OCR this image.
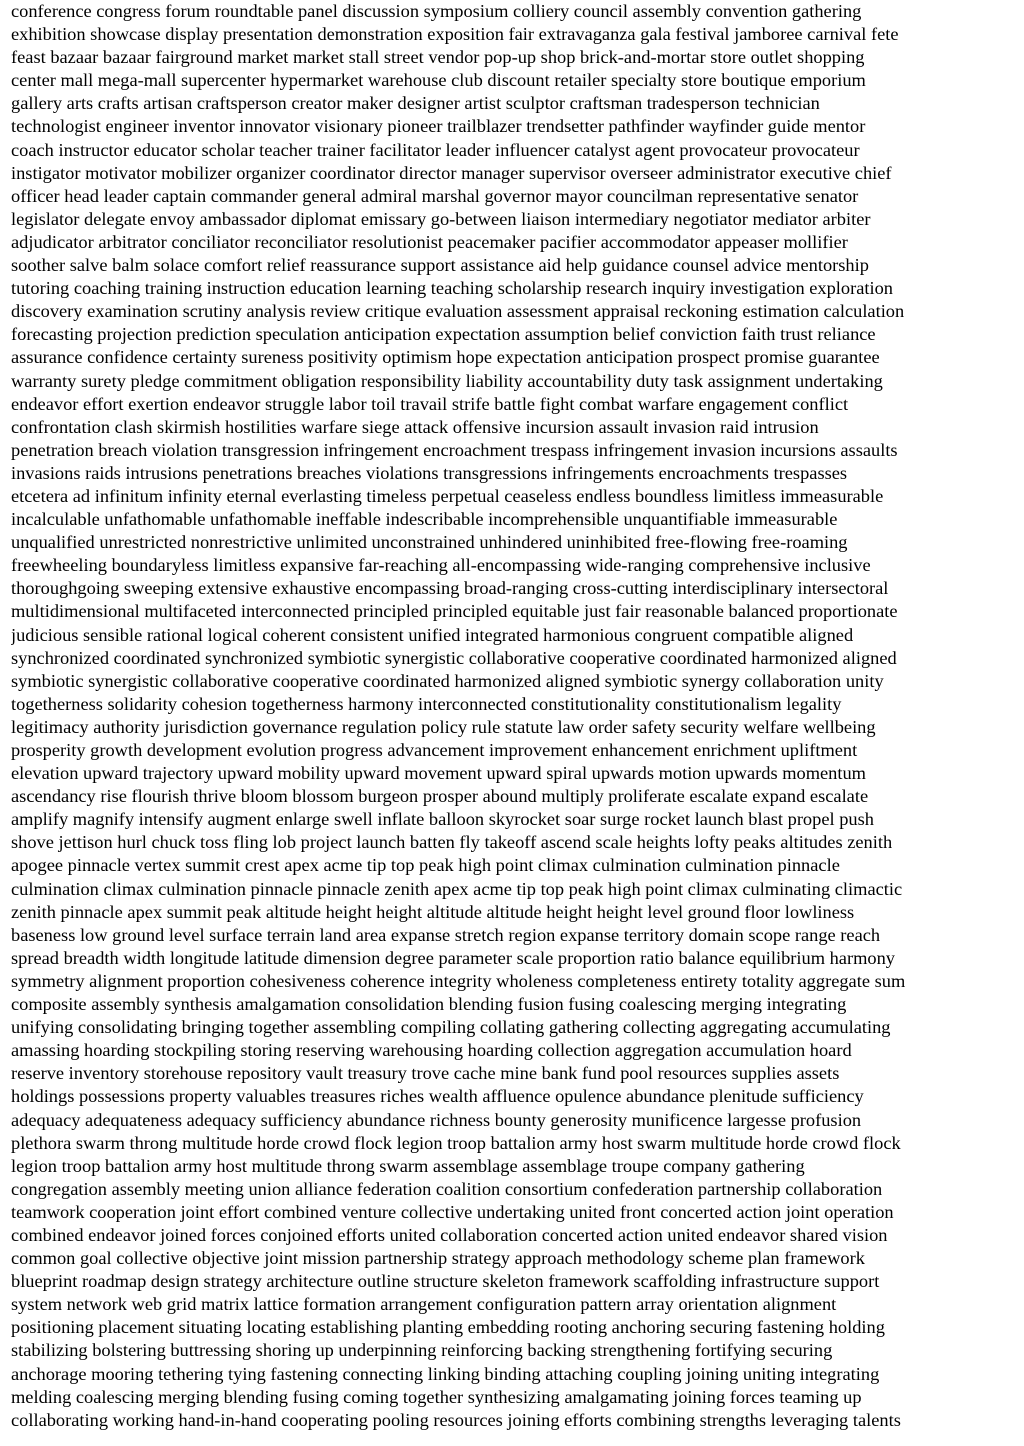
conference congress forum roundtable panel discussion symposium colliery council assembly convention gathering
exhibition showcase display presentation demonstration exposition fair extravaganza gala festival jamboree carnival fete
feast bazaar bazaar fairground market market stall street vendor pop-up shop brick-and-mortar store outlet shopping
center mall mega-mall supercenter hypermarket warehouse club discount retailer specialty store boutique emporium
gallery arts crafts artisan craftsperson creator maker designer artist sculptor craftsman tradesperson technician
technologist engineer inventor innovator visionary pioneer trailblazer trendsetter pathfinder wayfinder guide mentor
coach instructor educator scholar teacher trainer facilitator leader influencer catalyst agent provocateur provocateur
instigator motivator mobilizer organizer coordinator director manager supervisor overseer administrator executive chief
officer head leader captain commander general admiral marshal governor mayor councilman representative senator
legislator delegate envoy ambassador diplomat emissary go-between liaison intermediary negotiator mediator arbiter
adjudicator arbitrator conciliator reconciliator resolutionist peacemaker pacifier accommodator appeaser mollifier
soother salve balm solace comfort relief reassurance support assistance aid help guidance counsel advice mentorship
tutoring coaching training instruction education learning teaching scholarship research inquiry investigation exploration
discovery examination scrutiny analysis review critique evaluation assessment appraisal reckoning estimation calculation
forecasting projection prediction speculation anticipation expectation assumption belief conviction faith trust reliance
assurance confidence certainty sureness positivity optimism hope expectation anticipation prospect promise guarantee
warranty surety pledge commitment obligation responsibility liability accountability duty task assignment undertaking
endeavor effort exertion endeavor struggle labor toil travail strife battle fight combat warfare engagement conflict
confrontation clash skirmish hostilities warfare siege attack offensive incursion assault invasion raid intrusion
penetration breach violation transgression infringement encroachment trespass infringement invasion incursions assaults
invasions raids intrusions penetrations breaches violations transgressions infringements encroachments trespasses
etcetera ad infinitum infinity eternal everlasting timeless perpetual ceaseless endless boundless limitless immeasurable
incalculable unfathomable unfathomable ineffable indescribable incomprehensible unquantifiable immeasurable
unqualified unrestricted nonrestrictive unlimited unconstrained unhindered uninhibited free-flowing free-roaming
freewheeling boundaryless limitless expansive far-reaching all-encompassing wide-ranging comprehensive inclusive
thoroughgoing sweeping extensive exhaustive encompassing broad-ranging cross-cutting interdisciplinary intersectoral
multidimensional multifaceted interconnected principled principled equitable just fair reasonable balanced proportionate
judicious sensible rational logical coherent consistent unified integrated harmonious congruent compatible aligned
synchronized coordinated synchronized symbiotic synergistic collaborative cooperative coordinated harmonized aligned
symbiotic synergistic collaborative cooperative coordinated harmonized aligned symbiotic synergy collaboration unity
togetherness solidarity cohesion togetherness harmony interconnected constitutionality constitutionalism legality
legitimacy authority jurisdiction governance regulation policy rule statute law order safety security welfare wellbeing
prosperity growth development evolution progress advancement improvement enhancement enrichment upliftment
elevation upward trajectory upward mobility upward movement upward spiral upwards motion upwards momentum
ascendancy rise flourish thrive bloom blossom burgeon prosper abound multiply proliferate escalate expand escalate
amplify magnify intensify augment enlarge swell inflate balloon skyrocket soar surge rocket launch blast propel push
shove jettison hurl chuck toss fling lob project launch batten fly takeoff ascend scale heights lofty peaks altitudes zenith
apogee pinnacle vertex summit crest apex acme tip top peak high point climax culmination culmination pinnacle
culmination climax culmination pinnacle pinnacle zenith apex acme tip top peak high point climax culminating climactic
zenith pinnacle apex summit peak altitude height height altitude altitude height height level ground floor lowliness
baseness low ground level surface terrain land area expanse stretch region expanse territory domain scope range reach
spread breadth width longitude latitude dimension degree parameter scale proportion ratio balance equilibrium harmony
symmetry alignment proportion cohesiveness coherence integrity wholeness completeness entirety totality aggregate sum
composite assembly synthesis amalgamation consolidation blending fusion fusing coalescing merging integrating
unifying consolidating bringing together assembling compiling collating gathering collecting aggregating accumulating
amassing hoarding stockpiling storing reserving warehousing hoarding collection aggregation accumulation hoard
reserve inventory storehouse repository vault treasury trove cache mine bank fund pool resources supplies assets
holdings possessions property valuables treasures riches wealth affluence opulence abundance plenitude sufficiency
adequacy adequateness adequacy sufficiency abundance richness bounty generosity munificence largesse profusion
plethora swarm throng multitude horde crowd flock legion troop battalion army host swarm multitude horde crowd flock
legion troop battalion army host multitude throng swarm assemblage assemblage troupe company gathering
congregation assembly meeting union alliance federation coalition consortium confederation partnership collaboration
teamwork cooperation joint effort combined venture collective undertaking united front concerted action joint operation
combined endeavor joined forces conjoined efforts united collaboration concerted action united endeavor shared vision
common goal collective objective joint mission partnership strategy approach methodology scheme plan framework
blueprint roadmap design strategy architecture outline structure skeleton framework scaffolding infrastructure support
system network web grid matrix lattice formation arrangement configuration pattern array orientation alignment
positioning placement situating locating establishing planting embedding rooting anchoring securing fastening holding
stabilizing bolstering buttressing shoring up underpinning reinforcing backing strengthening fortifying securing
anchorage mooring tethering tying fastening connecting linking binding attaching coupling joining uniting integrating
melding coalescing merging blending fusing coming together synthesizing amalgamating joining forces teaming up
collaborating working hand-in-hand cooperating pooling resources joining efforts combining strengths leveraging talents
